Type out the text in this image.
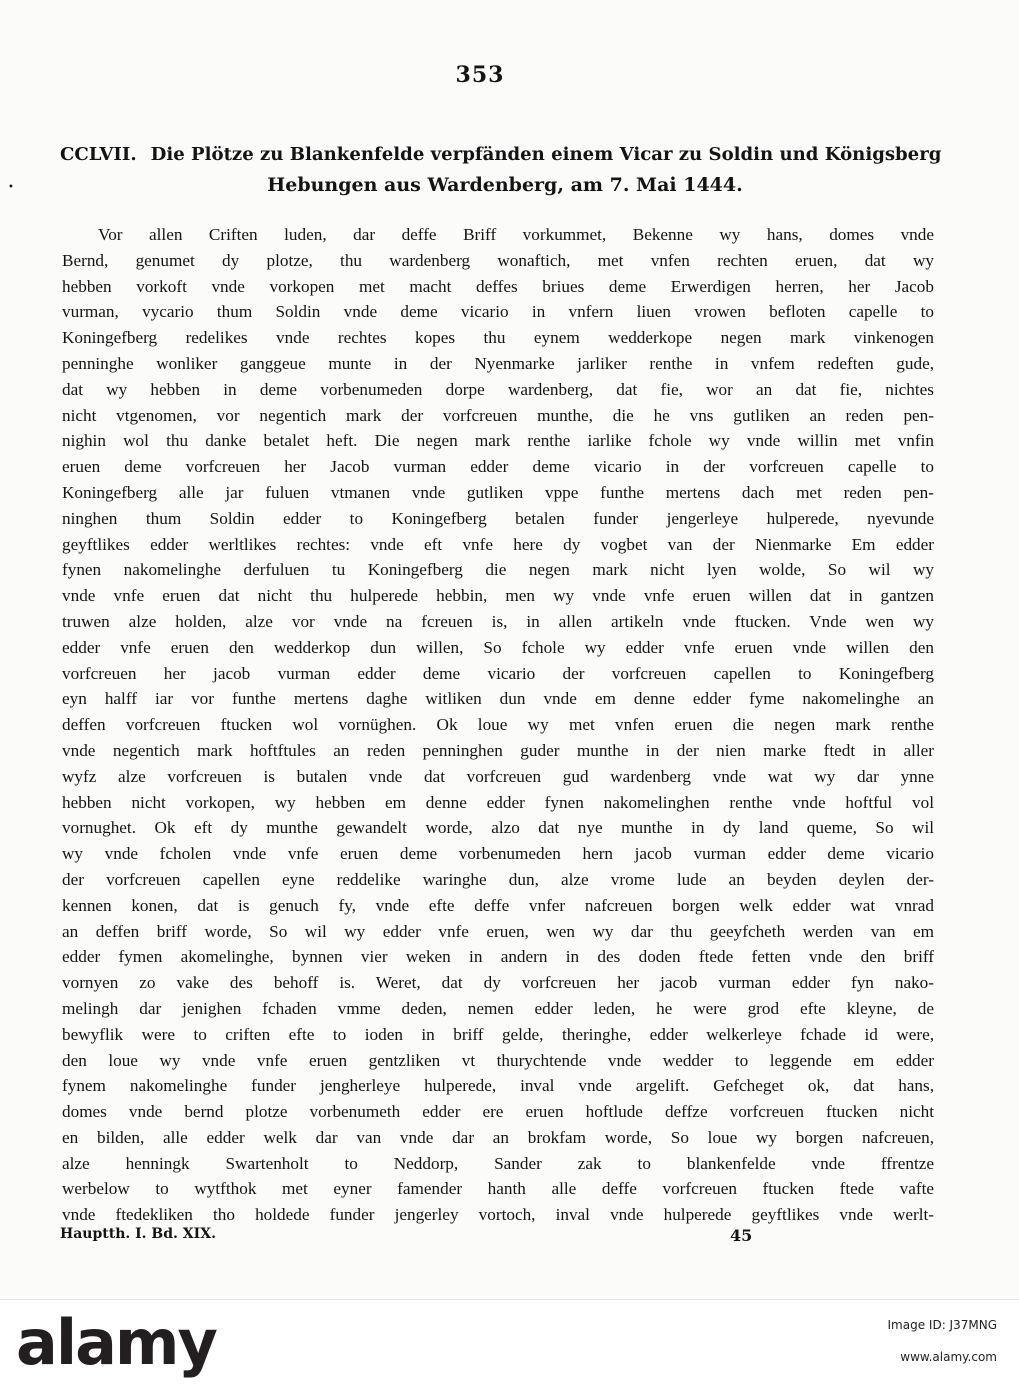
353
•
CCLVII. Die Plötze zu Blankenfelde verpfänden einem Vicar zu Soldin und Königsberg
Hebungen aus Wardenberg, am 7. Mai 1444.
Vor allen Criften luden, dar deffe Briff vorkummet, Bekenne wy hans, domes vnde
Bernd, genumet dy plotze, thu wardenberg wonaftich, met vnfen rechten eruen, dat wy
hebben vorkoft vnde vorkopen met macht deffes briues deme Erwerdigen herren, her Jacob
vurman, vycario thum Soldin vnde deme vicario in vnfern liuen vrowen befloten capelle to
Koningefberg redelikes vnde rechtes kopes thu eynem wedderkope negen mark vinkenogen
penninghe wonliker ganggeue munte in der Nyenmarke jarliker renthe in vnfem redeften gude,
dat wy hebben in deme vorbenumeden dorpe wardenberg, dat fie, wor an dat fie, nichtes
nicht vtgenomen, vor negentich mark der vorfcreuen munthe, die he vns gutliken an reden pen-
nighin wol thu danke betalet heft. Die negen mark renthe iarlike fchole wy vnde willin met vnfin
eruen deme vorfcreuen her Jacob vurman edder deme vicario in der vorfcreuen capelle to
Koningefberg alle jar fuluen vtmanen vnde gutliken vppe funthe mertens dach met reden pen-
ninghen thum Soldin edder to Koningefberg betalen funder jengerleye hulperede, nyevunde
geyftlikes edder werltlikes rechtes: vnde eft vnfe here dy vogbet van der Nienmarke Em edder
fynen nakomelinghe derfuluen tu Koningefberg die negen mark nicht lyen wolde, So wil wy
vnde vnfe eruen dat nicht thu hulperede hebbin, men wy vnde vnfe eruen willen dat in gantzen
truwen alze holden, alze vor vnde na fcreuen is, in allen artikeln vnde ftucken. Vnde wen wy
edder vnfe eruen den wedderkop dun willen, So fchole wy edder vnfe eruen vnde willen den
vorfcreuen her jacob vurman edder deme vicario der vorfcreuen capellen to Koningefberg
eyn halff iar vor funthe mertens daghe witliken dun vnde em denne edder fyme nakomelinghe an
deffen vorfcreuen ftucken wol vornüghen. Ok loue wy met vnfen eruen die negen mark renthe
vnde negentich mark hoftftules an reden penninghen guder munthe in der nien marke ftedt in aller
wyfz alze vorfcreuen is butalen vnde dat vorfcreuen gud wardenberg vnde wat wy dar ynne
hebben nicht vorkopen, wy hebben em denne edder fynen nakomelinghen renthe vnde hoftful vol
vornughet. Ok eft dy munthe gewandelt worde, alzo dat nye munthe in dy land queme, So wil
wy vnde fcholen vnde vnfe eruen deme vorbenumeden hern jacob vurman edder deme vicario
der vorfcreuen capellen eyne reddelike waringhe dun, alze vrome lude an beyden deylen der-
kennen konen, dat is genuch fy, vnde efte deffe vnfer nafcreuen borgen welk edder wat vnrad
an deffen briff worde, So wil wy edder vnfe eruen, wen wy dar thu geeyfcheth werden van em
edder fymen akomelinghe, bynnen vier weken in andern in des doden ftede fetten vnde den briff
vornyen zo vake des behoff is. Weret, dat dy vorfcreuen her jacob vurman edder fyn nako-
melingh dar jenighen fchaden vmme deden, nemen edder leden, he were grod efte kleyne, de
bewyflik were to criften efte to ioden in briff gelde, theringhe, edder welkerleye fchade id were,
den loue wy vnde vnfe eruen gentzliken vt thurychtende vnde wedder to leggende em edder
fynem nakomelinghe funder jengherleye hulperede, inval vnde argelift. Gefcheget ok, dat hans,
domes vnde bernd plotze vorbenumeth edder ere eruen hoftlude deffze vorfcreuen ftucken nicht
en bilden, alle edder welk dar van vnde dar an brokfam worde, So loue wy borgen nafcreuen,
alze henningk Swartenholt to Neddorp, Sander zak to blankenfelde vnde ffrentze
werbelow to wytfthok met eyner famender hanth alle deffe vorfcreuen ftucken ftede vafte
vnde ftedekliken tho holdede funder jengerley vortoch, inval vnde hulperede geyftlikes vnde werlt-
Hauptth. I. Bd. XIX.	45
alamy	Image ID: J37MNG
www.alamy.com
